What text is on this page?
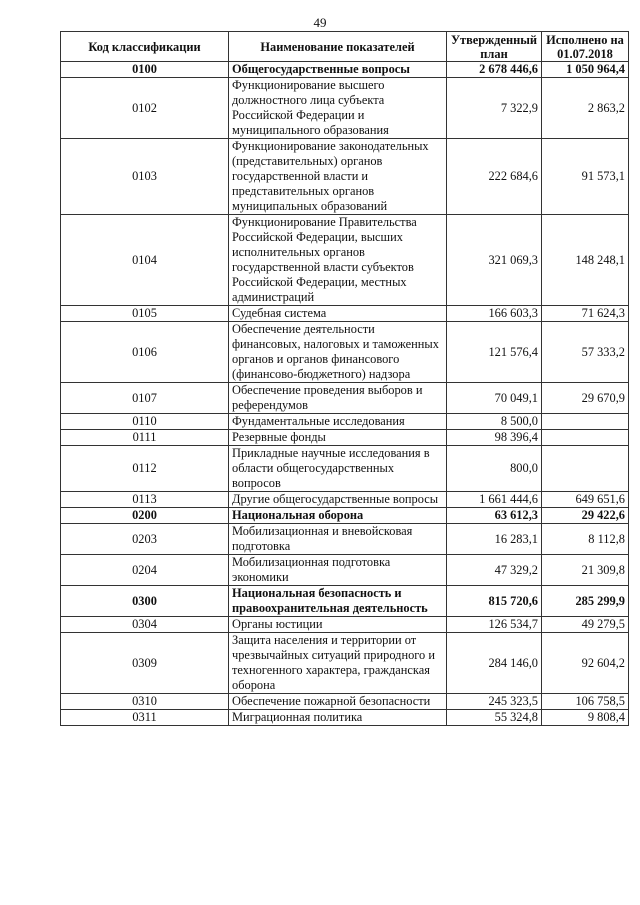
49
Код классификации	Наименование показателей	Утвержденный план	Исполнено на 01.07.2018
0100	Общегосударственные вопросы	2 678 446,6	1 050 964,4
0102	Функционирование высшего должностного лица субъекта Российской Федерации и муниципального образования	7 322,9	2 863,2
0103	Функционирование законодательных (представительных) органов государственной власти и представительных органов муниципальных образований	222 684,6	91 573,1
0104	Функционирование Правительства Российской Федерации, высших исполнительных органов государственной власти субъектов Российской Федерации, местных администраций	321 069,3	148 248,1
0105	Судебная система	166 603,3	71 624,3
0106	Обеспечение деятельности финансовых, налоговых и таможенных органов и органов финансового (финансово-бюджетного) надзора	121 576,4	57 333,2
0107	Обеспечение проведения выборов и референдумов	70 049,1	29 670,9
0110	Фундаментальные исследования	8 500,0	
0111	Резервные фонды	98 396,4	
0112	Прикладные научные исследования в области общегосударственных вопросов	800,0	
0113	Другие общегосударственные вопросы	1 661 444,6	649 651,6
0200	Национальная оборона	63 612,3	29 422,6
0203	Мобилизационная и вневойсковая подготовка	16 283,1	8 112,8
0204	Мобилизационная подготовка экономики	47 329,2	21 309,8
0300	Национальная безопасность и правоохранительная деятельность	815 720,6	285 299,9
0304	Органы юстиции	126 534,7	49 279,5
0309	Защита населения и территории от чрезвычайных ситуаций природного и техногенного характера, гражданская оборона	284 146,0	92 604,2
0310	Обеспечение пожарной безопасности	245 323,5	106 758,5
0311	Миграционная политика	55 324,8	9 808,4
